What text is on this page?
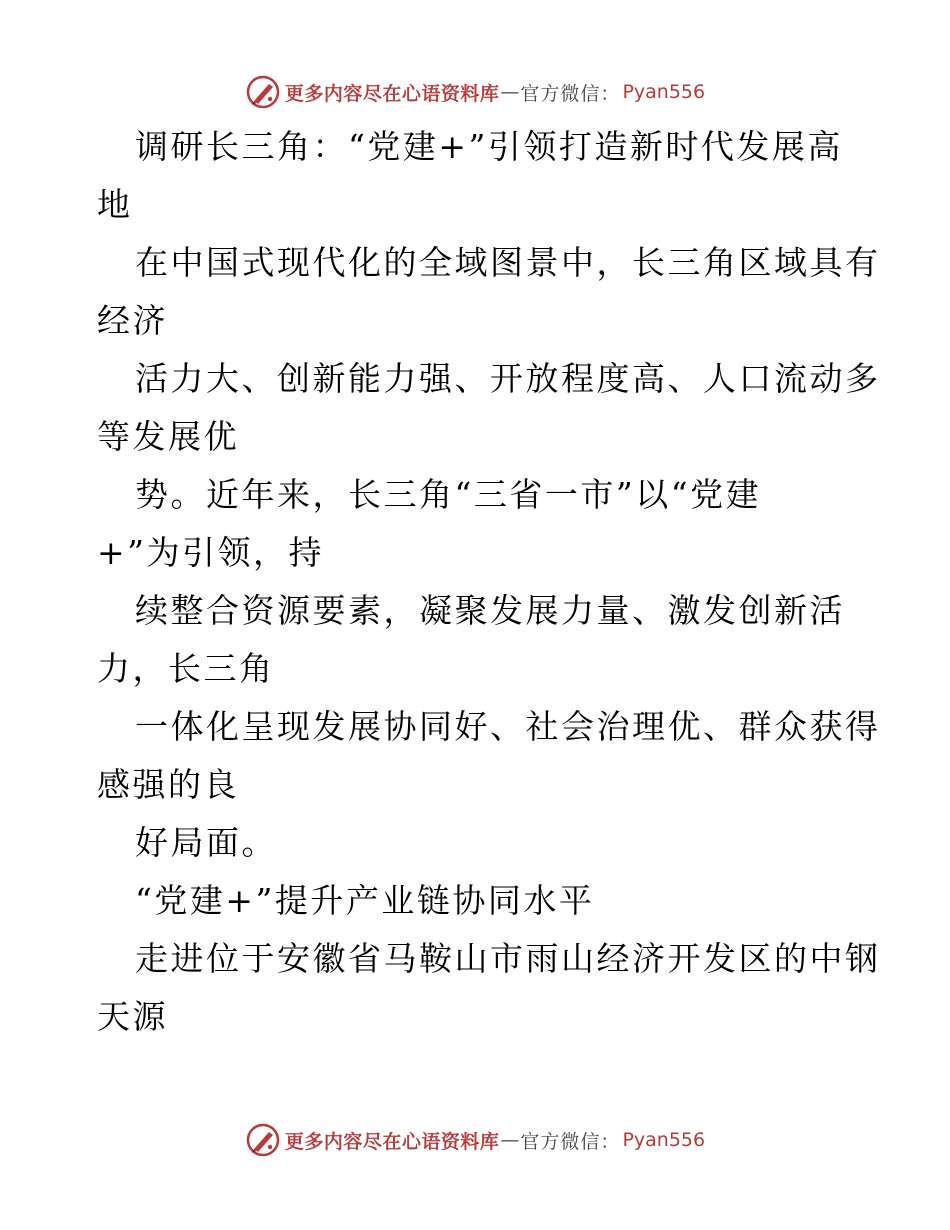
更多内容尽在心语资料库 — 官方微信： Pyan556
调研长三角：“党建+”引领打造新时代发展高
地
在中国式现代化的全域图景中，长三角区域具有
经济
活力大、创新能力强、开放程度高、人口流动多
等发展优
势。近年来，长三角“三省一市”以“党建
+”为引领，持
续整合资源要素，凝聚发展力量、激发创新活
力，长三角
一体化呈现发展协同好、社会治理优、群众获得
感强的良
好局面。
“党建+”提升产业链协同水平
走进位于安徽省马鞍山市雨山经济开发区的中钢
天源
更多内容尽在心语资料库 — 官方微信： Pyan556
